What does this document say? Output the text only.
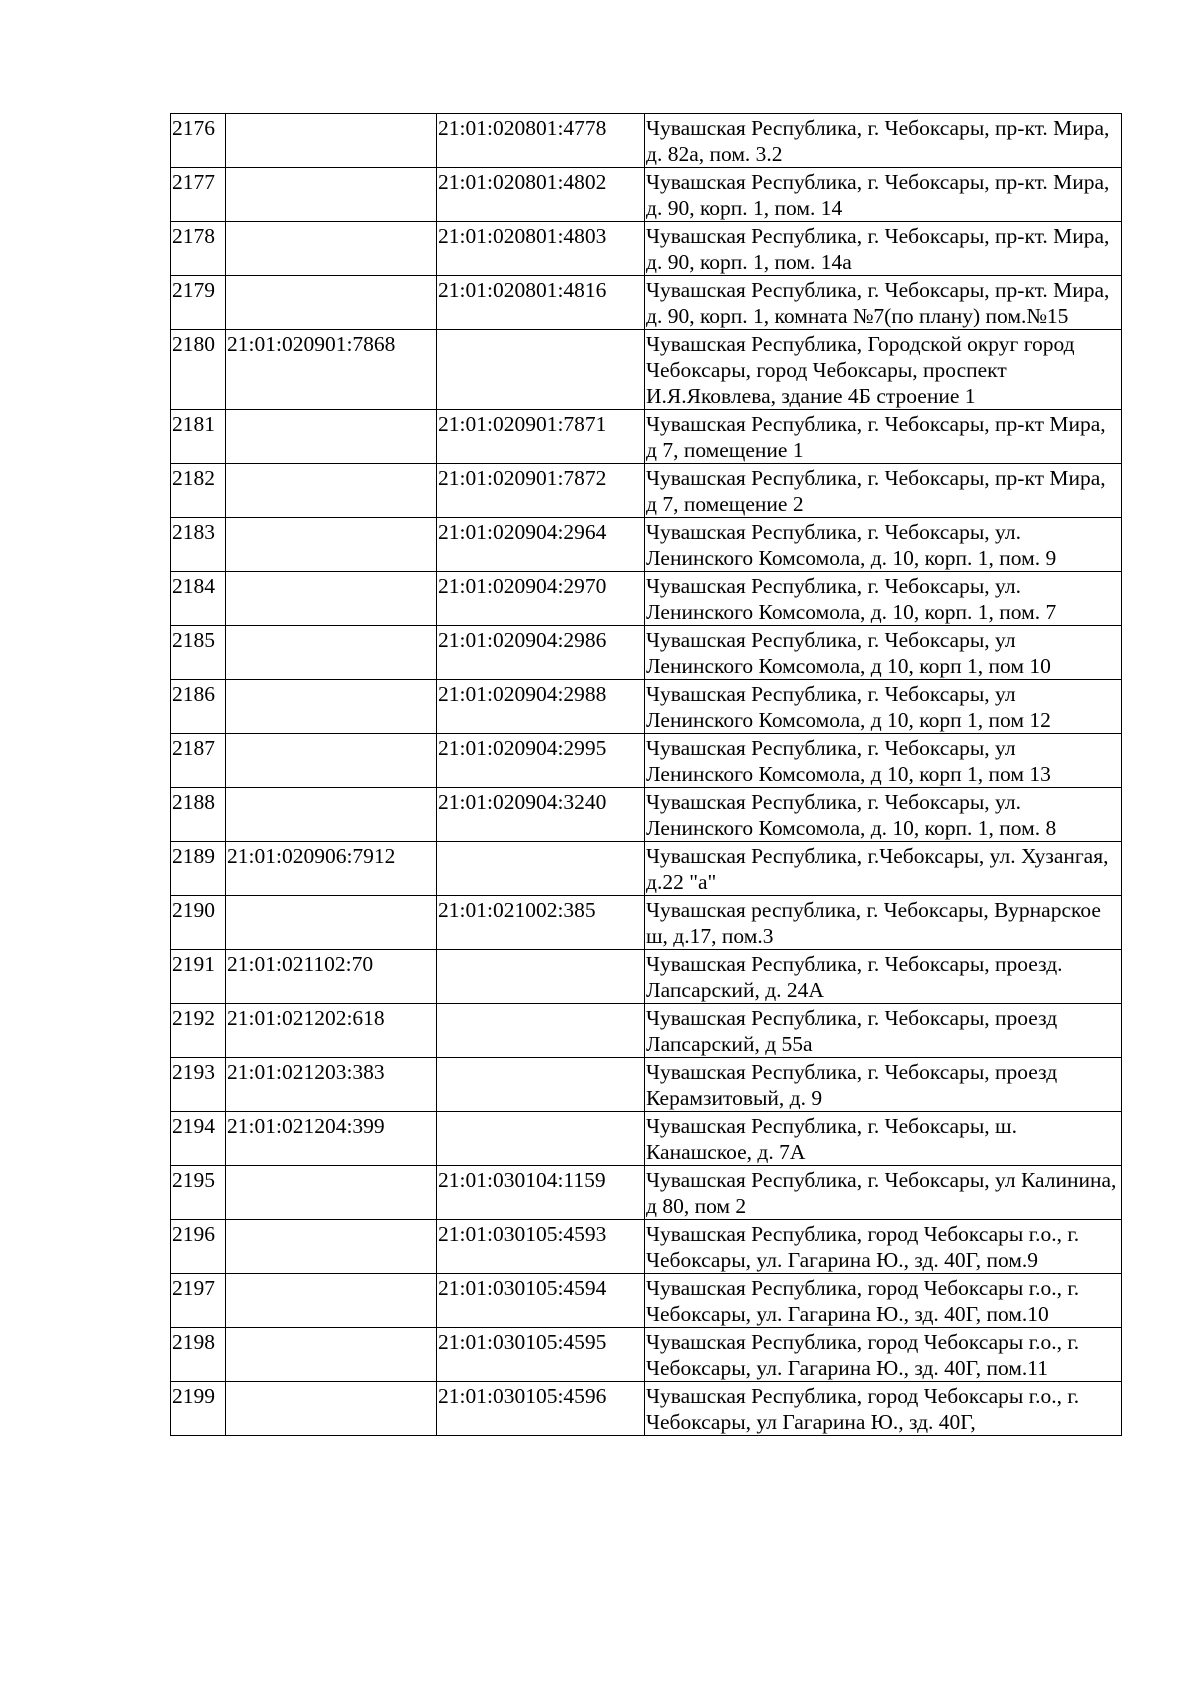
2176		21:01:020801:4778	Чувашская Республика, г. Чебоксары, пр-кт. Мира, д. 82а, пом. 3.2
2177		21:01:020801:4802	Чувашская Республика, г. Чебоксары, пр-кт. Мира, д. 90, корп. 1, пом. 14
2178		21:01:020801:4803	Чувашская Республика, г. Чебоксары, пр-кт. Мира, д. 90, корп. 1, пом. 14а
2179		21:01:020801:4816	Чувашская Республика, г. Чебоксары, пр-кт. Мира, д. 90, корп. 1, комната №7(по плану) пом.№15
2180	21:01:020901:7868		Чувашская Республика, Городской округ город Чебоксары, город Чебоксары, проспект И.Я.Яковлева, здание 4Б строение 1
2181		21:01:020901:7871	Чувашская Республика, г. Чебоксары, пр-кт Мира, д 7, помещение 1
2182		21:01:020901:7872	Чувашская Республика, г. Чебоксары, пр-кт Мира, д 7, помещение 2
2183		21:01:020904:2964	Чувашская Республика, г. Чебоксары, ул. Ленинского Комсомола, д. 10, корп. 1, пом. 9
2184		21:01:020904:2970	Чувашская Республика, г. Чебоксары, ул. Ленинского Комсомола, д. 10, корп. 1, пом. 7
2185		21:01:020904:2986	Чувашская Республика, г. Чебоксары, ул Ленинского Комсомола, д 10, корп 1, пом 10
2186		21:01:020904:2988	Чувашская Республика, г. Чебоксары, ул Ленинского Комсомола, д 10, корп 1, пом 12
2187		21:01:020904:2995	Чувашская Республика, г. Чебоксары, ул Ленинского Комсомола, д 10, корп 1, пом 13
2188		21:01:020904:3240	Чувашская Республика, г. Чебоксары, ул. Ленинского Комсомола, д. 10, корп. 1, пом. 8
2189	21:01:020906:7912		Чувашская Республика, г.Чебоксары, ул. Хузангая, д.22 "а"
2190		21:01:021002:385	Чувашская республика, г. Чебоксары, Вурнарское ш, д.17, пом.3
2191	21:01:021102:70		Чувашская Республика, г. Чебоксары, проезд. Лапсарский, д. 24А
2192	21:01:021202:618		Чувашская Республика, г. Чебоксары, проезд Лапсарский, д 55а
2193	21:01:021203:383		Чувашская Республика, г. Чебоксары, проезд Керамзитовый, д. 9
2194	21:01:021204:399		Чувашская Республика, г. Чебоксары, ш. Канашское, д. 7А
2195		21:01:030104:1159	Чувашская Республика, г. Чебоксары, ул Калинина, д 80, пом 2
2196		21:01:030105:4593	Чувашская Республика, город Чебоксары г.о., г. Чебоксары, ул. Гагарина Ю., зд. 40Г, пом.9
2197		21:01:030105:4594	Чувашская Республика, город Чебоксары г.о., г. Чебоксары, ул. Гагарина Ю., зд. 40Г, пом.10
2198		21:01:030105:4595	Чувашская Республика, город Чебоксары г.о., г. Чебоксары, ул. Гагарина Ю., зд. 40Г, пом.11
2199		21:01:030105:4596	Чувашская Республика, город Чебоксары г.о., г. Чебоксары, ул Гагарина Ю., зд. 40Г,
